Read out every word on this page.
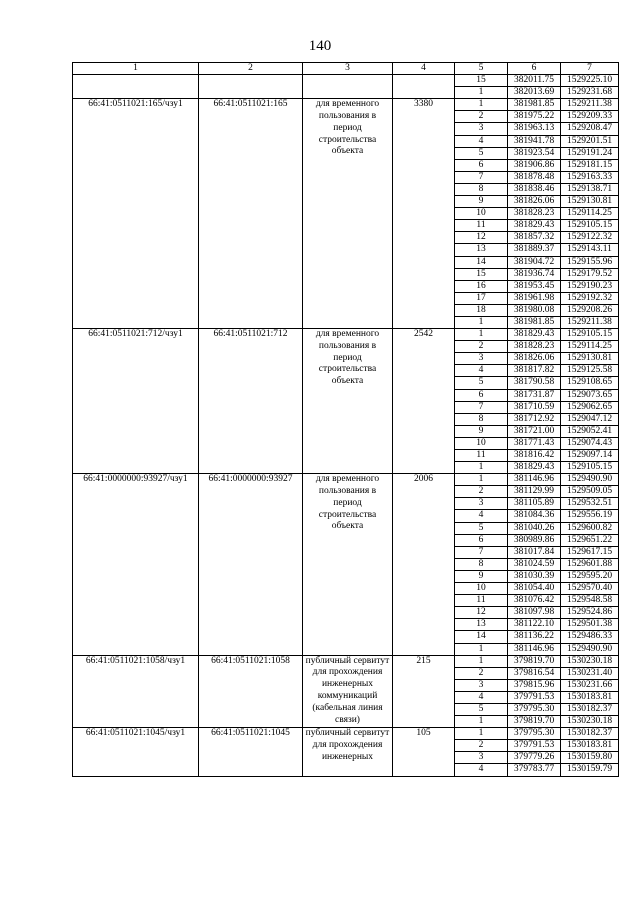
140
1	2	3	4	5	6	7
				15	382011.75	1529225.10
				1	382013.69	1529231.68
66:41:0511021:165/чзу1	66:41:0511021:165	для временного пользования в период строительства объекта	3380	1	381981.85	1529211.38
				2	381975.22	1529209.33
				3	381963.13	1529208.47
				4	381941.78	1529201.51
				5	381923.54	1529191.24
				6	381906.86	1529181.15
				7	381878.48	1529163.33
				8	381838.46	1529138.71
				9	381826.06	1529130.81
				10	381828.23	1529114.25
				11	381829.43	1529105.15
				12	381857.32	1529122.32
				13	381889.37	1529143.11
				14	381904.72	1529155.96
				15	381936.74	1529179.52
				16	381953.45	1529190.23
				17	381961.98	1529192.32
				18	381980.08	1529208.26
				1	381981.85	1529211.38
66:41:0511021:712/чзу1	66:41:0511021:712	для временного пользования в период строительства объекта	2542	1	381829.43	1529105.15
				2	381828.23	1529114.25
				3	381826.06	1529130.81
				4	381817.82	1529125.58
				5	381790.58	1529108.65
				6	381731.87	1529073.65
				7	381710.59	1529062.65
				8	381712.92	1529047.12
				9	381721.00	1529052.41
				10	381771.43	1529074.43
				11	381816.42	1529097.14
				1	381829.43	1529105.15
66:41:0000000:93927/чзу1	66:41:0000000:93927	для временного пользования в период строительства объекта	2006	1	381146.96	1529490.90
				2	381129.99	1529509.05
				3	381105.89	1529532.51
				4	381084.36	1529556.19
				5	381040.26	1529600.82
				6	380989.86	1529651.22
				7	381017.84	1529617.15
				8	381024.59	1529601.88
				9	381030.39	1529595.20
				10	381054.40	1529570.40
				11	381076.42	1529548.58
				12	381097.98	1529524.86
				13	381122.10	1529501.38
				14	381136.22	1529486.33
				1	381146.96	1529490.90
66:41:0511021:1058/чзу1	66:41:0511021:1058	публичный сервитут для прохождения инженерных коммуникаций (кабельная линия связи)	215	1	379819.70	1530230.18
				2	379816.54	1530231.40
				3	379815.96	1530231.66
				4	379791.53	1530183.81
				5	379795.30	1530182.37
				1	379819.70	1530230.18
66:41:0511021:1045/чзу1	66:41:0511021:1045	публичный сервитут для прохождения инженерных	105	1	379795.30	1530182.37
				2	379791.53	1530183.81
				3	379779.26	1530159.80
				4	379783.77	1530159.79
